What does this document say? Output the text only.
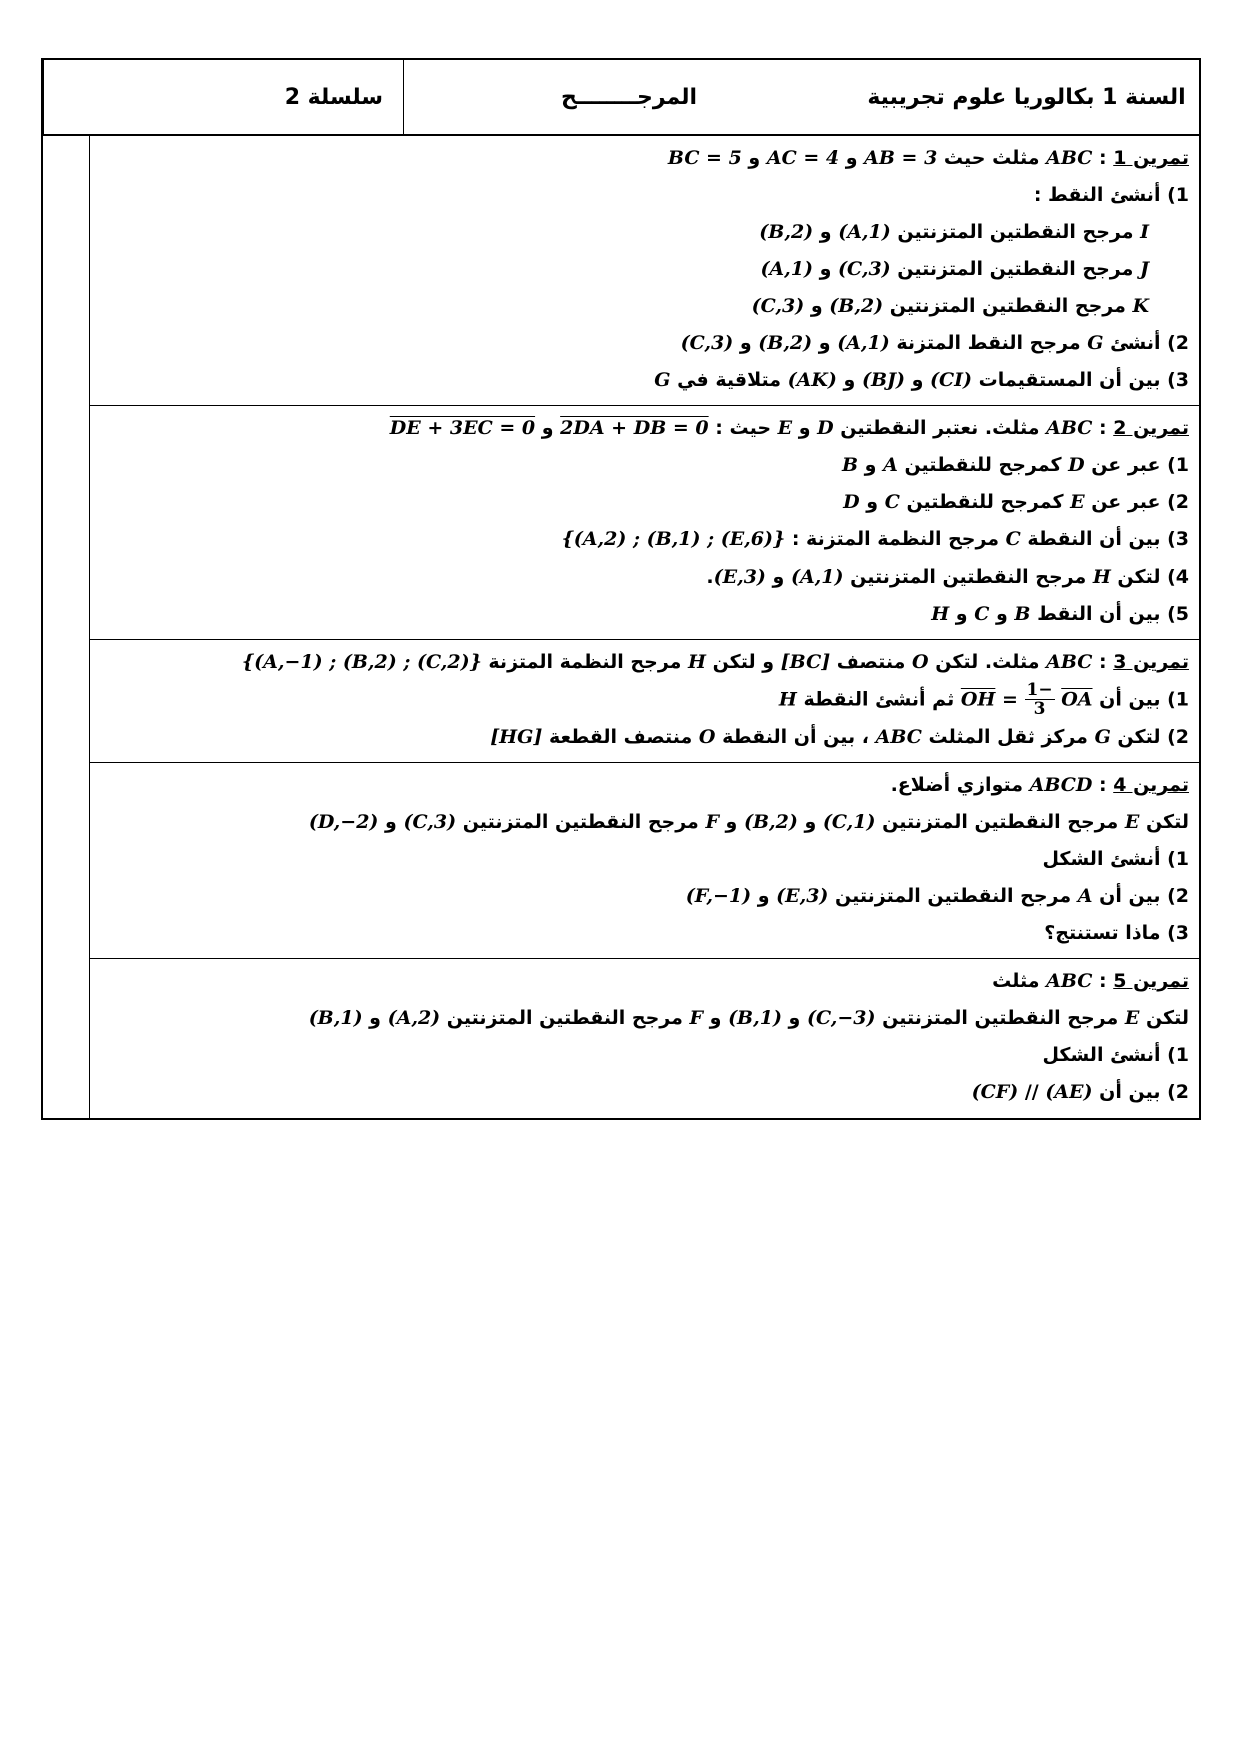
السنة 1 بكالوريا علوم تجريبية
المرجــــــــح
سلسلة 2
تمرين 1 : ABC مثلث حيث AB = 3 و AC = 4 و BC = 5
1) أنشئ النقط :
I مرجح النقطتين المتزنتين (A,1) و (B,2)
J مرجح النقطتين المتزنتين (C,3) و (A,1)
K مرجح النقطتين المتزنتين (B,2) و (C,3)
2) أنشئ G مرجح النقط المتزنة (A,1) و (B,2) و (C,3)
3) بين أن المستقيمات (CI) و (BJ) و (AK) متلاقية في G
تمرين 2 : ABC مثلث. نعتبر النقطتين D و E حيث : 2DA + DB = 0 و DE + 3EC = 0
1) عبر عن D كمرجح للنقطتين A و B
2) عبر عن E كمرجح للنقطتين C و D
3) بين أن النقطة C مرجح النظمة المتزنة : {(A,2) ; (B,1) ; (E,6)}
4) لتكن H مرجح النقطتين المتزنتين (A,1) و (E,3).
5) بين أن النقط B و C و H
تمرين 3 : ABC مثلث. لتكن O منتصف [BC] و لتكن H مرجح النظمة المتزنة {(A,−1) ; (B,2) ; (C,2)}
1) بين أن $\overline{OH} = \frac{-1}{3} \overline{OA}$ ثم أنشئ النقطة H
2) لتكن G مركز ثقل المثلث ABC ، بين أن النقطة O منتصف القطعة [HG]
تمرين 4 : ABCD متوازي أضلاع.
لتكن E مرجح النقطتين المتزنتين (C,1) و (B,2) و F مرجح النقطتين المتزنتين (C,3) و (D,−2)
1) أنشئ الشكل
2) بين أن A مرجح النقطتين المتزنتين (E,3) و (F,−1)
3) ماذا تستنتج؟
تمرين 5 : ABC مثلث
لتكن E مرجح النقطتين المتزنتين (C,−3) و (B,1) و F مرجح النقطتين المتزنتين (A,2) و (B,1)
1) أنشئ الشكل
2) بين أن (CF) // (AE)
